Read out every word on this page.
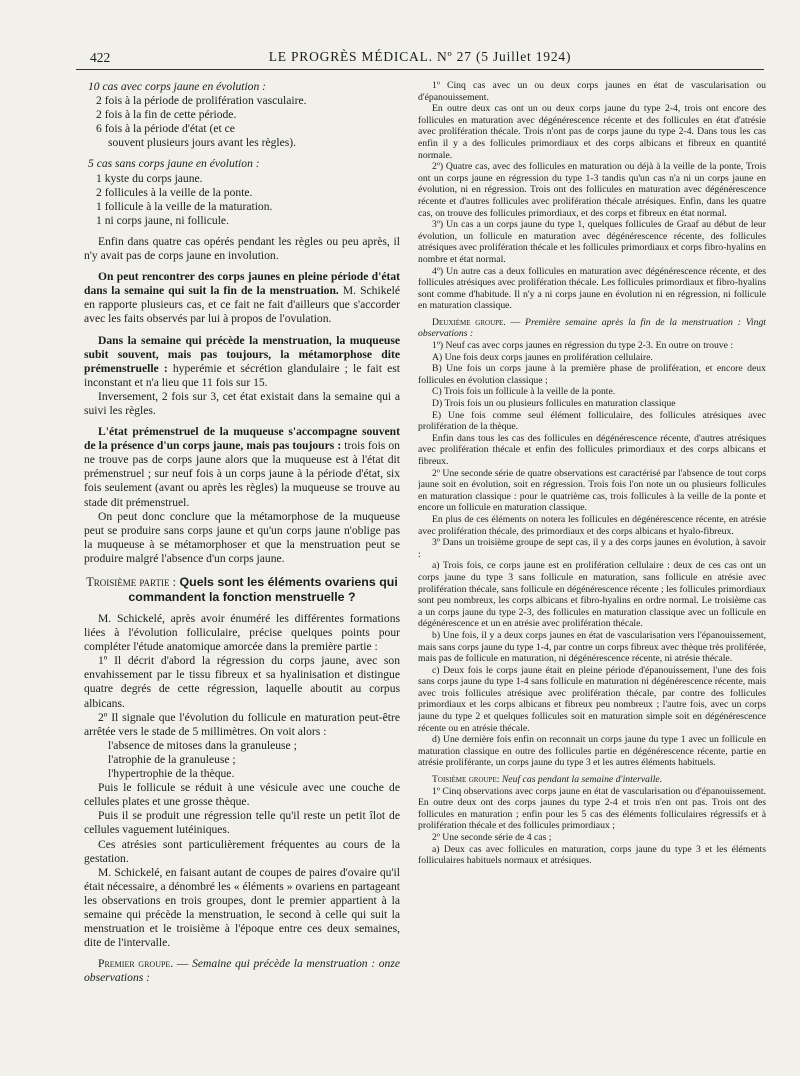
422	LE PROGRÈS MÉDICAL. Nº 27 (5 Juillet 1924)

10 cas avec corps jaune en évolution :

2 fois à la période de prolifération vasculaire.

2 fois à la fin de cette période.

6 fois à la période d'état (et ce

souvent plusieurs jours avant les règles).

5 cas sans corps jaune en évolution :

1 kyste du corps jaune.

2 follicules à la veille de la ponte.

1 follicule à la veille de la maturation.

1 ni corps jaune, ni follicule.

Enfin dans quatre cas opérés pendant les règles ou peu après, il n'y avait pas de corps jaune en involution.

On peut rencontrer des corps jaunes en pleine période d'état dans la semaine qui suit la fin de la menstruation. M. Schikelé en rapporte plusieurs cas, et ce fait ne fait d'ailleurs que s'accorder avec les faits observés par lui à propos de l'ovulation.

Dans la semaine qui précède la menstruation, la muqueuse subit souvent, mais pas toujours, la métamorphose dite prémenstruelle : hyperémie et sécrétion glandulaire ; le fait est inconstant et n'a lieu que 11 fois sur 15.

Inversement, 2 fois sur 3, cet état existait dans la semaine qui a suivi les règles.

L'état prémenstruel de la muqueuse s'accompagne souvent de la présence d'un corps jaune, mais pas toujours : trois fois on ne trouve pas de corps jaune alors que la muqueuse est à l'état dit prémenstruel ; sur neuf fois à un corps jaune à la période d'état, six fois seulement (avant ou après les règles) la muqueuse se trouve au stade dit prémenstruel.

On peut donc conclure que la métamorphose de la muqueuse peut se produire sans corps jaune et qu'un corps jaune n'oblige pas la muqueuse à se métamorphoser et que la menstruation peut se produire malgré l'absence d'un corps jaune.

Troisième partie : Quels sont les éléments ovariens qui commandent la fonction menstruelle ?

M. Schickelé, après avoir énuméré les différentes formations liées à l'évolution folliculaire, précise quelques points pour compléter l'étude anatomique amorcée dans la première partie :

1º Il décrit d'abord la régression du corps jaune, avec son envahissement par le tissu fibreux et sa hyalinisation et distingue quatre degrés de cette régression, laquelle aboutit au corpus albicans.

2º Il signale que l'évolution du follicule en maturation peut-être arrêtée vers le stade de 5 millimètres. On voit alors :

l'absence de mitoses dans la granuleuse ;

l'atrophie de la granuleuse ;

l'hypertrophie de la thèque.

Puis le follicule se réduit à une vésicule avec une couche de cellules plates et une grosse thèque.

Puis il se produit une régression telle qu'il reste un petit îlot de cellules vaguement lutéiniques.

Ces atrésies sont particulièrement fréquentes au cours de la gestation.

M. Schickelé, en faisant autant de coupes de paires d'ovaire qu'il était nécessaire, a dénombré les « éléments » ovariens en partageant les observations en trois groupes, dont le premier appartient à la semaine qui précède la menstruation, le second à celle qui suit la menstruation et le troisième à l'époque entre ces deux semaines, dite de l'intervalle.

Premier groupe. — Semaine qui précède la menstruation : onze observations :

1º Cinq cas avec un ou deux corps jaunes en état de vascularisation ou d'épanouissement.

En outre deux cas ont un ou deux corps jaune du type 2-4, trois ont encore des follicules en maturation avec dégénérescence récente et des follicules en état d'atrésie avec prolifération thécale. Trois n'ont pas de corps jaune du type 2-4. Dans tous les cas enfin il y a des follicules primordiaux et des corps albicans et fibreux en quantité normale.

2º) Quatre cas, avec des follicules en maturation ou déjà à la veille de la ponte, Trois ont un corps jaune en régression du type 1-3 tandis qu'un cas n'a ni un corps jaune en évolution, ni en régression. Trois ont des follicules en maturation avec dégénérescence récente et d'autres follicules avec prolifération thécale atrésiques. Enfin, dans les quatre cas, on trouve des follicules primordiaux, et des corps et fibreux en état normal.

3º) Un cas a un corps jaune du type 1, quelques follicules de Graaf au début de leur évolution, un follicule en maturation avec dégénérescence récente, des follicules atrésiques avec prolifération thécale et les follicules primordiaux et corps fibro-hyalins en nombre et état normal.

4º) Un autre cas a deux follicules en maturation avec dégénérescence récente, et des follicules atrésiques avec prolifération thécale. Les follicules primordiaux et fibro-hyalins sont comme d'habitude. Il n'y a ni corps jaune en évolution ni en régression, ni follicule en maturation classique.

Deuxième groupe. — Première semaine après la fin de la menstruation : Vingt observations :

1º) Neuf cas avec corps jaunes en régression du type 2-3. En outre on trouve :

A) Une fois deux corps jaunes en prolifération cellulaire.

B) Une fois un corps jaune à la première phase de prolifération, et encore deux follicules en évolution classique ;

C) Trois fois un follicule à la veille de la ponte.

D) Trois fois un ou plusieurs follicules en maturation classique

E) Une fois comme seul élément folliculaire, des follicules atrésiques avec prolifération de la thèque.

Enfin dans tous les cas des follicules en dégénérescence récente, d'autres atrésiques avec prolifération thécale et enfin des follicules primordiaux et des corps albicans et fibreux.

2º Une seconde série de quatre observations est caractérisé par l'absence de tout corps jaune soit en évolution, soit en régression. Trois fois l'on note un ou plusieurs follicules en maturation classique : pour le quatrième cas, trois follicules à la veille de la ponte et encore un follicule en maturation classique.

En plus de ces éléments on notera les follicules en dégénérescence récente, en atrésie avec prolifération thécale, des primordiaux et des corps albicans et hyalo-fibreux.

3º Dans un troisième groupe de sept cas, il y a des corps jaunes en évolution, à savoir :

a) Trois fois, ce corps jaune est en prolifération cellulaire : deux de ces cas ont un corps jaune du type 3 sans follicule en maturation, sans follicule en atrésie avec prolifération thécale, sans follicule en dégénérescence récente ; les follicules primordiaux sont peu nombreux, les corps albicans et fibro-hyalins en ordre normal. Le troisième cas a un corps jaune du type 2-3, des follicules en maturation classique avec un follicule en dégénérescence et un en atrésie avec prolifération thécale.

b) Une fois, il y a deux corps jaunes en état de vascularisation vers l'épanouissement, mais sans corps jaune du type 1-4, par contre un corps fibreux avec thèque très proliférée, mais pas de follicule en maturation, ni dégénérescence récente, ni atrésie thécale.

c) Deux fois le corps jaune était en pleine période d'épanouissement, l'une des fois sans corps jaune du type 1-4 sans follicule en maturation ni dégénérescence récente, mais avec trois follicules atrésique avec prolifération thécale, par contre des follicules primordiaux et les corps albicans et fibreux peu nombreux ; l'autre fois, avec un corps jaune du type 2 et quelques follicules soit en maturation simple soit en dégénérescence récente ou en atrésie thécale.

d) Une dernière fois enfin on reconnait un corps jaune du type 1 avec un follicule en maturation classique en outre des follicules partie en dégénérescence récente, partie en atrésie proliférante, un corps jaune du type 3 et les autres éléments habituels.

Toisième groupe: Neuf cas pendant la semaine d'intervalle.

1º Cinq observations avec corps jaune en état de vascularisation ou d'épanouissement. En outre deux ont des corps jaunes du type 2-4 et trois n'en ont pas. Trois ont des follicules en maturation ; enfin pour les 5 cas des éléments folliculaires régressifs et à prolifération thécale et des follicules primordiaux ;

2º Une seconde série de 4 cas ;

a) Deux cas avec follicules en maturation, corps jaune du type 3 et les éléments folliculaires habituels normaux et atrésiques.
